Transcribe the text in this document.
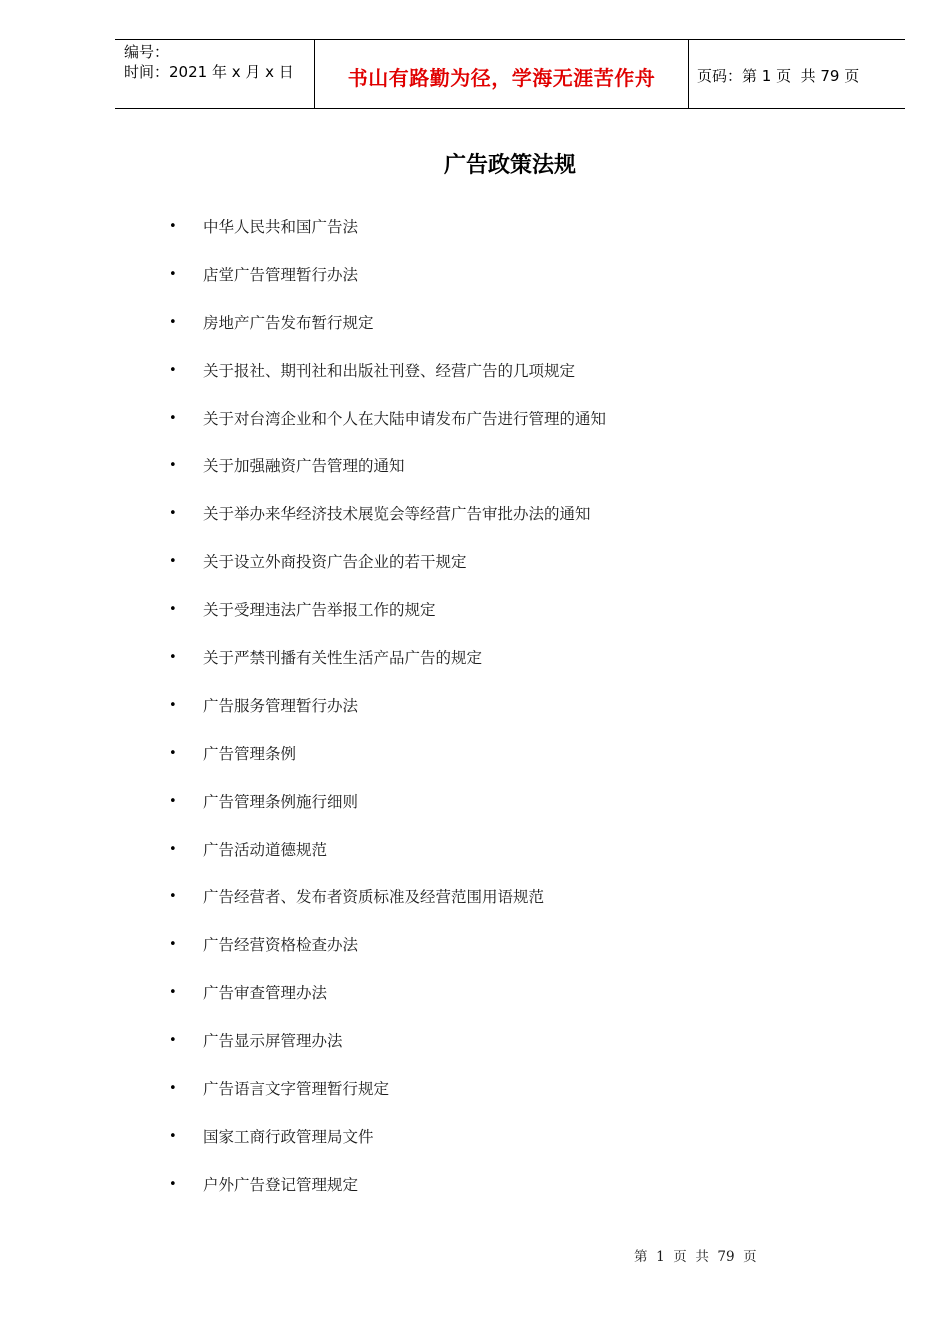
编号：
时间：2021 年 x 月 x 日	书山有路勤为径，学海无涯苦作舟	页码：第 1 页  共 79 页
广告政策法规
•	中华人民共和国广告法
•	店堂广告管理暂行办法
•	房地产广告发布暂行规定
•	关于报社、期刊社和出版社刊登、经营广告的几项规定
•	关于对台湾企业和个人在大陆申请发布广告进行管理的通知
•	关于加强融资广告管理的通知
•	关于举办来华经济技术展览会等经营广告审批办法的通知
•	关于设立外商投资广告企业的若干规定
•	关于受理违法广告举报工作的规定
•	关于严禁刊播有关性生活产品广告的规定
•	广告服务管理暂行办法
•	广告管理条例
•	广告管理条例施行细则
•	广告活动道德规范
•	广告经营者、发布者资质标准及经营范围用语规范
•	广告经营资格检查办法
•	广告审查管理办法
•	广告显示屏管理办法
•	广告语言文字管理暂行规定
•	国家工商行政管理局文件
•	户外广告登记管理规定
第  1  页  共  79  页
